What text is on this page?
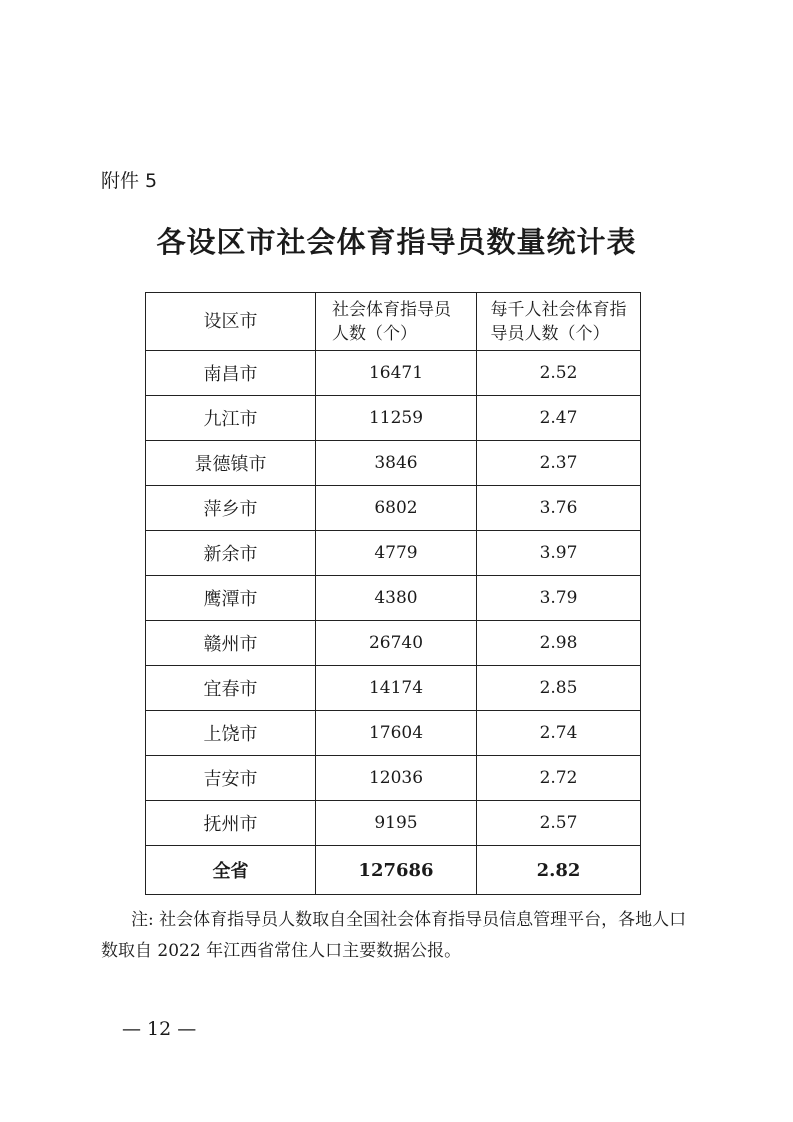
附件 5
各设区市社会体育指导员数量统计表
设区市	社会体育指导员人数（个）	每千人社会体育指导员人数（个）
南昌市	16471	2.52
九江市	11259	2.47
景德镇市	3846	2.37
萍乡市	6802	3.76
新余市	4779	3.97
鹰潭市	4380	3.79
赣州市	26740	2.98
宜春市	14174	2.85
上饶市	17604	2.74
吉安市	12036	2.72
抚州市	9195	2.57
全省	127686	2.82
注: 社会体育指导员人数取自全国社会体育指导员信息管理平台，各地人口数取自 2022 年江西省常住人口主要数据公报。
— 12 —
